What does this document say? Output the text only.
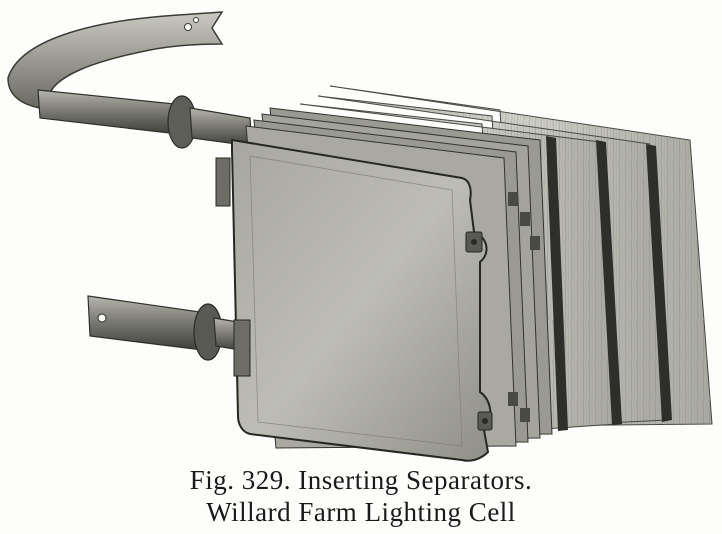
Fig. 329. Inserting Separators.
Willard Farm Lighting Cell
